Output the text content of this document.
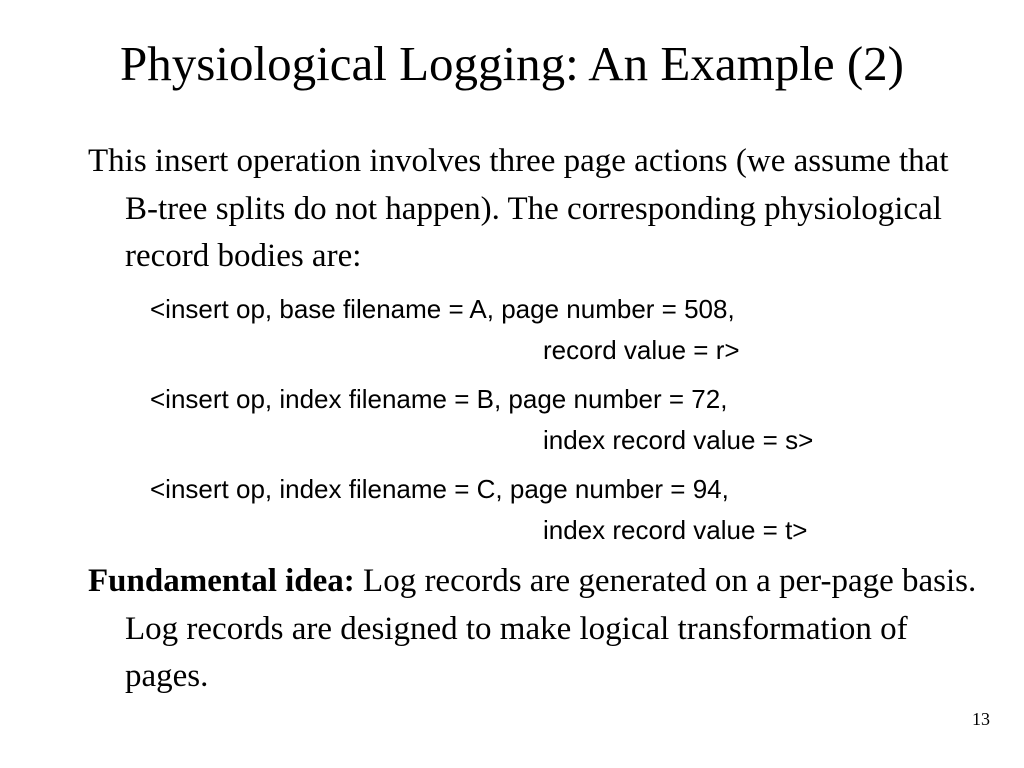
Physiological Logging: An Example (2)

This insert operation involves three page actions (we assume that B-tree splits do not happen). The corresponding physiological record bodies are:

<insert op, base filename = A, page number = 508,
record value = r>
<insert op, index filename = B, page number = 72,
index record value = s>
<insert op, index filename = C, page number = 94,
index record value = t>

Fundamental idea: Log records are generated on a per-page basis. Log records are designed to make logical transformation of pages.

13
